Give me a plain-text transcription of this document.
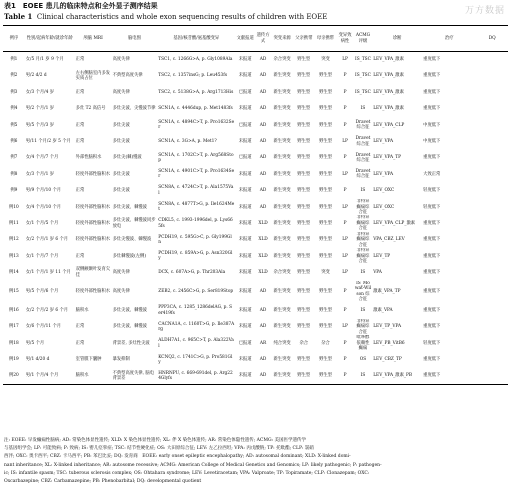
表1　EOEE 患儿的临床特点和全外显子测序结果
Table 1 Clinical characteristics and whole exon sequencing results of children with EOEE
万方数据
例序	性别/起病年龄/就诊年龄	颅脑 MRI	脑电图	基因/核苷酸/氨基酸变异	文献报道	遗传方式	突变来源	父亲携带	母亲携带	变异致病性	ACMG评级	诊断	治疗	DQ
例1	女/5 月/1 岁 9 个月	正常	高度失律	TSC1, c. 1266G>A, p. Gly1089Ala	未报道	AD	杂合突变	野生型	突变	LP	IS_TSC	LEV_VPA_激素	重度低下	
例2	男/2 d/2 d	左右侧脑室内多发实质占位	不典型高度失律	TSC2, c. 1357insG; p. Leu453fs	未报道	AD	新生突变	野生型	野生型	P	IS_TSC	LEV_VPA_激素	重度低下	
例3	女/3 个月/4 岁	正常	高度失律	TSC2, c. 5138G>A, p. Arg1713His	已报道	AD	新生突变	野生型	野生型	P	IS_TSC	LEV_VPA_激素	重度低下	
例4	男/2 个月/1 岁	多灶 T2 高信号	多灶尖波、尖慢波节律	SCN1A, c. 4446dup, p. Met1483fs	未报道	AD	新生突变	野生型	野生型	P	IS	LEV_VPA_激素	重度低下	
例5	男/5 个月/3 岁	正常	多灶尖波	SCN1A, c. 4894C>T, p. Pro1632Ser	已报道	AD	新生突变	野生型	野生型	P	Dravet 综合征	LEV_VPA_CLP	中度低下	
例6	男/11 个月/2 岁 5 个月	正常	多灶尖波	SCN1A, c. 3G>A, p. Met1?	未报道	AD	新生突变	野生型	野生型	LP	Dravet 综合征	LEV_VPA	中度低下	
例7	女/4 个月/7 个月	外部性脑积水	多灶尖(棘)慢波	SCN1A, c. 1702C>T, p. Arg568Stop	已报道	AD	新生突变	野生型	野生型	P	Dravet 综合征	LEV_VPA_TP	重度低下	
例8	女/3 个月/1 岁	轻度外部性脑积水	多灶尖波	SCN1A, c. 4901C>T, p. Pro1634Ser	未报道	AD	新生突变	野生型	野生型	LP	Dravet 综合征	LEV_VPA	大致正常	
例9	男/9 个月/10 个月	正常	多灶尖波	SCN8A, c. 4724C>T, p. Ala1575Val	未报道	AD	新生突变	野生型	野生型	P	IS	LEV_OXC	轻度低下	
例10	女/4 个月/10 个月	轻度外部性脑积水	多灶尖波、棘慢波	SCN8A, c. 4877T>G, p. Ile1624Met	未报道	AD	新生突变	野生型	野生型	LP	非特异癫痫综合征	LEV_OXC	轻度低下	
例11	女/1 个月/5 个月	轻度外部性脑积水	多灶尖波、棘慢波同步放电	CDKL5, c. 1993-1996del, p. Lys665fs	未报道	XLD	新生突变	野生型	野生型	P	非特异癫痫综合征	LEV_VPA_CLP_激素	重度低下	
例12	女/2 个月/1 岁 6 个月	轻度外部性脑积水	多灶尖慢波、棘慢波	PCDH19, c. 595G>C, p. Gly199Gln	未报道	XLD	新生突变	野生型	野生型	LP	非特异癫痫综合征	VPA_CBZ_LEV	重度低下	
例13	女/1 个月/7 个月	正常	多灶棘慢波(左侧)	PCDH19, c. 859A>G, p. Asn320Gly	未报道	XLD	新生突变	野生型	野生型	LP	非特异癫痫综合征	LEV_TP	重度低下	
例14	女/1 个月/1 岁 11 个月	双侧额颞叶发育欠佳	高度失律	DCX, c. 607A>G, p. Thr203Ala	未报道	XLD	杂合突变	野生型	突变	LP	IS	VPA	重度低下	
例15	男/5 个月/6 个月	轻度外部性脑积水	高度失律	ZEB2, c. 2456C>G, p. Ser819Stop	未报道	AD	新生突变	野生型	野生型	P	IS_Mowat-Wilson 综合征	激素_VPA_TP	重度低下	
例16	女/2 个月/2 岁 6 个月	脑积水	多灶尖波、棘慢波	PPP3CA, c. 1285_1286delAG, p. Ser419fs	未报道	AD	新生突变	野生型	野生型	P	IS	激素_VPA	重度低下	
例17	女/6 个月/11 个月	正常	多灶尖波、棘慢波	CACNA1A, c. 1160T>G, p. Ile387Arg	未报道	AD	新生突变	野生型	野生型	LP	非特异癫痫综合征	LEV_TP_VPA	重度低下	
例18	男/5 个月	正常	背景差, 多灶性尖波	ALDH7A1, c. 965C>T, p. Ala322Val	已报道	AR	纯合突变	杂合	杂合	P	吡哆醇依赖性癫痫	LEV_PB_VitB6	轻度低下	
例19	男/1 d/20 d	室管膜下囊肿	暴发抑制	KCNQ2, c. 1741C>G, p. Pro581Gly	未报道	AD	新生突变	野生型	野生型	P	OS	LEV_CBZ_TP	重度低下	
例20	男/1 个月/4 个月	脑积水	不典型高度失律, 脑电背景差	HNRNPU, c. 669-691del, p. Arg224Glyfs	未报道	AD	新生突变	野生型	野生型	P	IS	LEV_VPA_激素_PB	重度低下	
注: EOEE: 早发癫痫性脑病; AD: 常染色体显性遗传; XLD: X 染色体显性遗传; XL: 伴 X 染色体遗传; AR: 常染色体隐性遗传; ACMG: 美国医学遗传学
与基因组学会; LP: 可能致病; P: 致病; IS: 婴儿痉挛症; TSC: 结节性硬化症; OS: 大田原综合征; LEV: 左乙拉西坦; VPA: 丙戊酸钠; TP: 托吡酯; CLP: 氯硝
西泮; OXC: 奥卡西平; CBZ: 卡马西平; PB: 苯巴比妥; DQ: 发育商　EOEE: early onset epileptic encephalopathy; AD: autosomal dominant; XLD: X-linked domi-
nant inheritance; XL: X-linked inheritance; AR: autosome recessive; ACMG: American College of Medical Genetics and Genomics; LP: likely pathogenic; P: pathogen-
ic; IS: infantile spasm; TSC: tuberous sclerosis complex; OS: Ohtahara syndrome; LEV: Levetiracetam; VPA: Valproate; TP: Topiramate; CLP: Clonazepam; OXC:
Oxcarbazepine; CBZ: Carbamazepine; PB: Phenobarbital; DQ: developmental quotient
